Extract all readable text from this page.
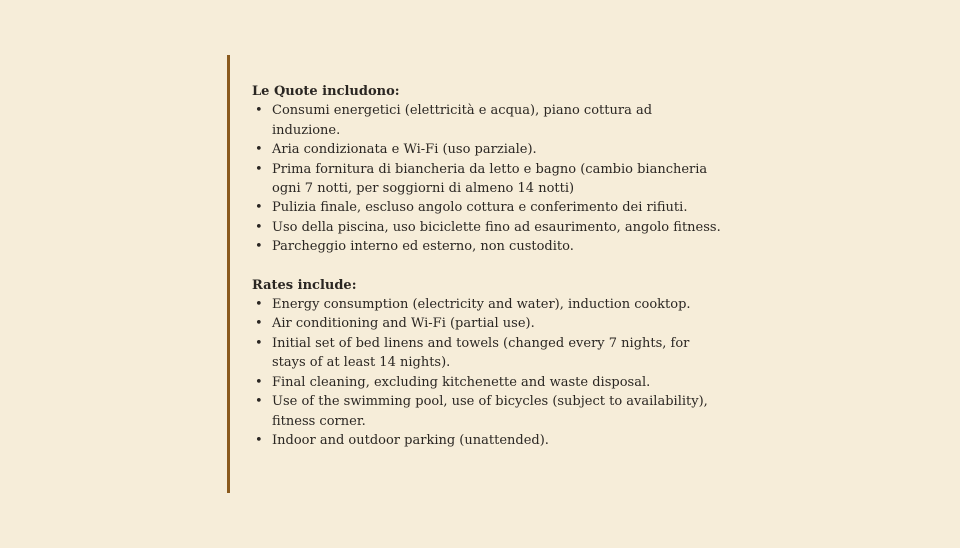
Le Quote includono:

• Consumi energetici (elettricità e acqua), piano cottura ad induzione.
• Aria condizionata e Wi-Fi (uso parziale).
• Prima fornitura di biancheria da letto e bagno (cambio biancheria ogni 7 notti, per soggiorni di almeno 14 notti)
• Pulizia finale, escluso angolo cottura e conferimento dei rifiuti.
• Uso della piscina, uso biciclette fino ad esaurimento, angolo fitness.
• Parcheggio interno ed esterno, non custodito.

Rates include:

• Energy consumption (electricity and water), induction cooktop.
• Air conditioning and Wi-Fi (partial use).
• Initial set of bed linens and towels (changed every 7 nights, for stays of at least 14 nights).
• Final cleaning, excluding kitchenette and waste disposal.
• Use of the swimming pool, use of bicycles (subject to availability), fitness corner.
• Indoor and outdoor parking (unattended).
